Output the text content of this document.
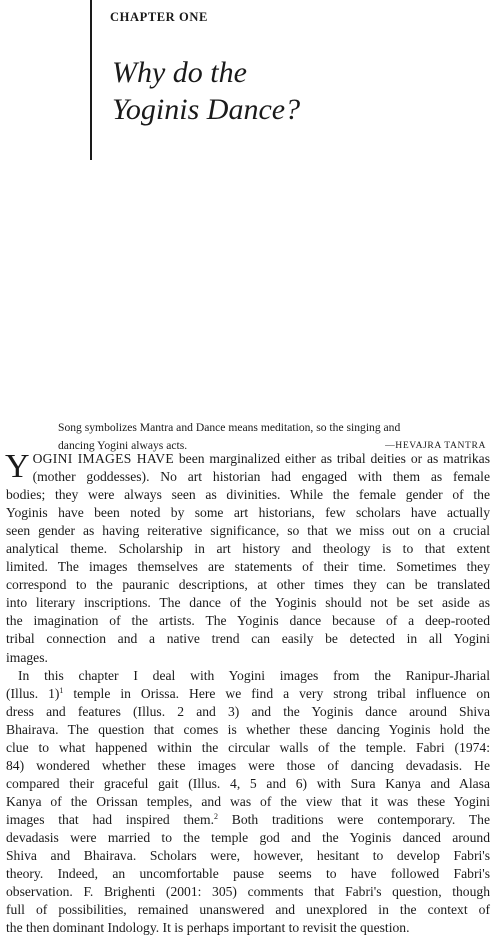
CHAPTER ONE
Why do the
Yoginis Dance?
Song symbolizes Mantra and Dance means meditation, so the singing and
dancing Yogini always acts.	—HEVAJRA TANTRA
Y OGINI IMAGES HAVE been marginalized either as tribal deities or as matrikas
(mother goddesses). No art historian had engaged with them as female
bodies; they were always seen as divinities. While the female gender of the
Yoginis have been noted by some art historians, few scholars have actually
seen gender as having reiterative significance, so that we miss out on a crucial
analytical theme. Scholarship in art history and theology is to that extent
limited. The images themselves are statements of their time. Sometimes they
correspond to the pauranic descriptions, at other times they can be translated
into literary inscriptions. The dance of the Yoginis should not be set aside as
the imagination of the artists. The Yoginis dance because of a deep-rooted
tribal connection and a native trend can easily be detected in all Yogini
images.
In this chapter I deal with Yogini images from the Ranipur-Jharial
(Illus. 1)$^1$ temple in Orissa. Here we find a very strong tribal influence on
dress and features (Illus. 2 and 3) and the Yoginis dance around Shiva
Bhairava. The question that comes is whether these dancing Yoginis hold the
clue to what happened within the circular walls of the temple. Fabri (1974:
84) wondered whether these images were those of dancing devadasis. He
compared their graceful gait (Illus. 4, 5 and 6) with Sura Kanya and Alasa
Kanya of the Orissan temples, and was of the view that it was these Yogini
images that had inspired them.$^2$ Both traditions were contemporary. The
devadasis were married to the temple god and the Yoginis danced around
Shiva and Bhairava. Scholars were, however, hesitant to develop Fabri's
theory. Indeed, an uncomfortable pause seems to have followed Fabri's
observation. F. Brighenti (2001: 305) comments that Fabri's question, though
full of possibilities, remained unanswered and unexplored in the context of
the then dominant Indology. It is perhaps important to revisit the question.
